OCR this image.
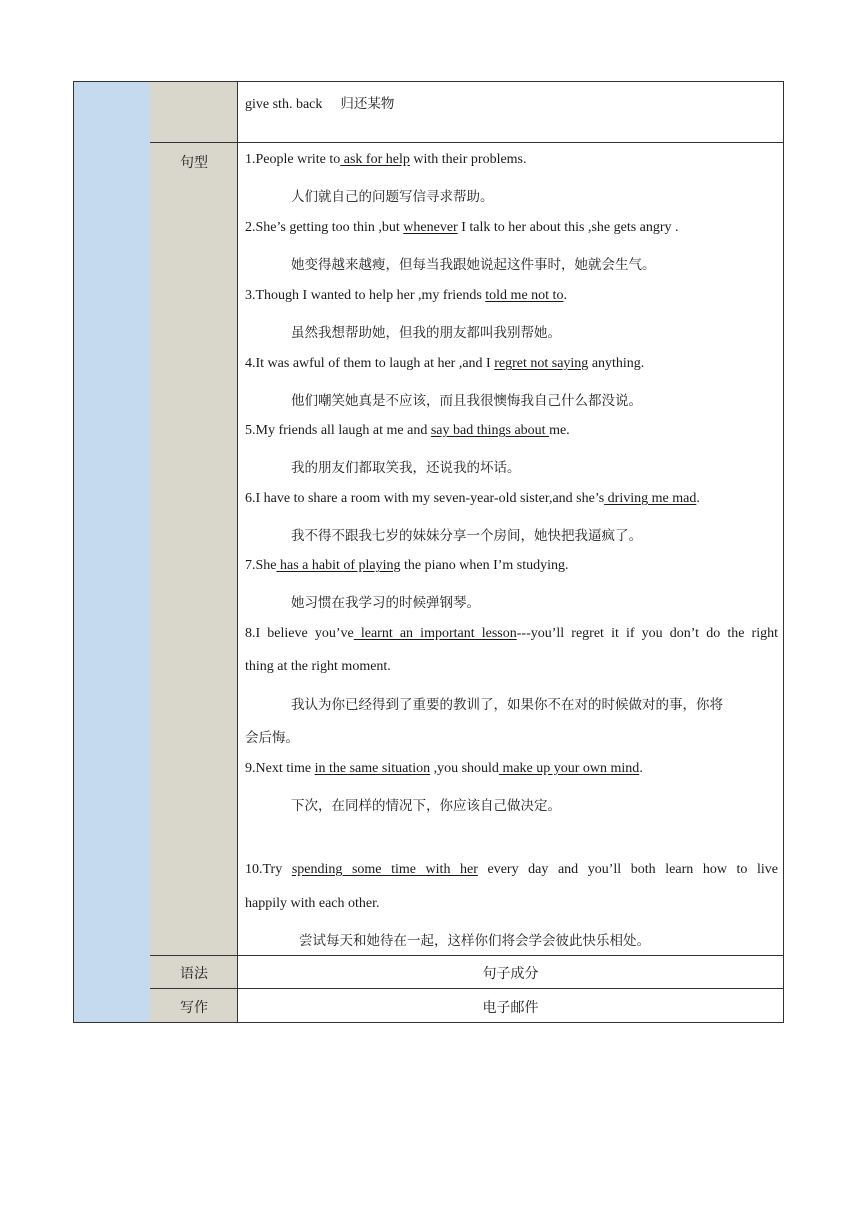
give sth. back 归还某物
句型	1.People write to ask for help with their problems.
人们就自己的问题写信寻求帮助。
2.She’s getting too thin ,but whenever I talk to her about this ,she gets angry .
她变得越来越瘦，但每当我跟她说起这件事时，她就会生气。
3.Though I wanted to help her ,my friends told me not to.
虽然我想帮助她，但我的朋友都叫我别帮她。
4.It was awful of them to laugh at her ,and I regret not saying anything.
他们嘲笑她真是不应该，而且我很懊悔我自己什么都没说。
5.My friends all laugh at me and say bad things about me.
我的朋友们都取笑我，还说我的坏话。
6.I have to share a room with my seven-year-old sister,and she’s driving me mad.
我不得不跟我七岁的妹妹分享一个房间，她快把我逼疯了。
7.She has a habit of playing the piano when I’m studying.
她习惯在我学习的时候弹钢琴。
8.I believe you’ve learnt an important lesson---you’ll regret it if you don’t do the right
thing at the right moment.
我认为你已经得到了重要的教训了，如果你不在对的时候做对的事，你将
会后悔。
9.Next time in the same situation ,you should make up your own mind.
下次，在同样的情况下，你应该自己做决定。
10.Try spending some time with her every day and you’ll both learn how to live
happily with each other.
尝试每天和她待在一起，这样你们将会学会彼此快乐相处。
语法	句子成分
写作	电子邮件
